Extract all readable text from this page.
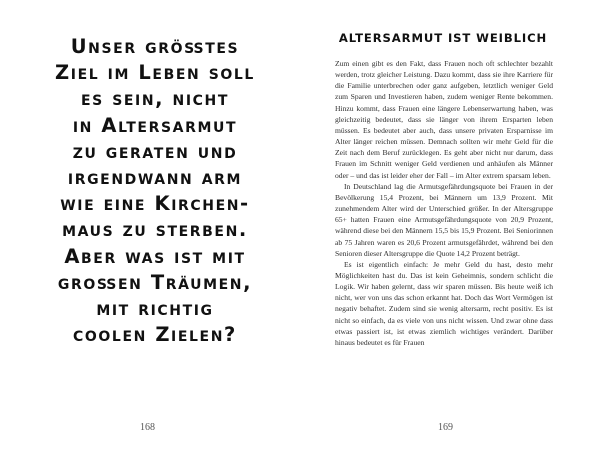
Unser größtes
Ziel im Leben soll
es sein, nicht
in Altersarmut
zu geraten und
irgendwann arm
wie eine Kirchen-
maus zu sterben.
Aber was ist mit
großen Träumen,
mit richtig
coolen Zielen?
168
ALTERSARMUT IST WEIBLICH

Zum einen gibt es den Fakt, dass Frauen noch oft schlechter bezahlt werden, trotz gleicher Leistung. Dazu kommt, dass sie ihre Karriere für die Familie unterbrechen oder ganz aufgeben, letztlich weniger Geld zum Sparen und Investieren haben, zudem weniger Rente bekommen. Hinzu kommt, dass Frauen eine längere Lebenserwartung haben, was gleichzeitig bedeutet, dass sie länger von ihrem Ersparten leben müssen. Es bedeutet aber auch, dass unsere privaten Ersparnisse im Alter länger reichen müssen. Demnach sollten wir mehr Geld für die Zeit nach dem Beruf zurücklegen. Es geht aber nicht nur darum, dass Frauen im Schnitt weniger Geld verdienen und anhäufen als Männer oder – und das ist leider eher der Fall – im Alter extrem sparsam leben.

In Deutschland lag die Armutsgefährdungsquote bei Frauen in der Bevölkerung 15,4 Prozent, bei Männern um 13,9 Prozent. Mit zunehmendem Alter wird der Unterschied größer. In der Altersgruppe 65+ hatten Frauen eine Armutsgefährdungsquote von 20,9 Prozent, während diese bei den Männern 15,5 bis 15,9 Prozent. Bei Seniorinnen ab 75 Jahren waren es 20,6 Prozent armutsgefährdet, während bei den Senioren dieser Altersgruppe die Quote 14,2 Prozent beträgt.

Es ist eigentlich einfach: Je mehr Geld du hast, desto mehr Möglichkeiten hast du. Das ist kein Geheimnis, sondern schlicht die Logik. Wir haben gelernt, dass wir sparen müssen. Bis heute weiß ich nicht, wer von uns das schon erkannt hat. Doch das Wort Vermögen ist negativ behaftet. Zudem sind sie wenig altersarm, recht positiv. Es ist nicht so einfach, da es viele von uns nicht wissen. Und zwar ohne dass etwas passiert ist, ist etwas ziemlich wichtiges verändert. Darüber hinaus bedeutet es für Frauen

169
